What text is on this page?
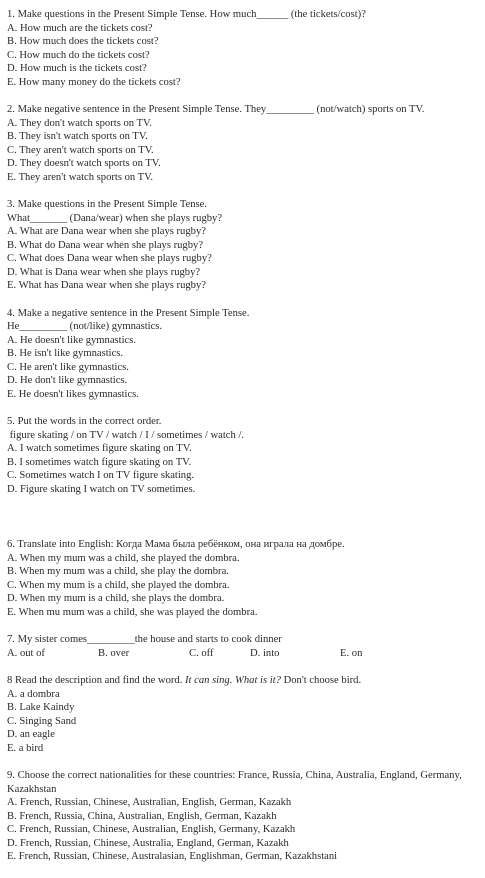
1. Make questions in the Present Simple Tense. How much______ (the tickets/cost)?
A. How much are the tickets cost?
B. How much does the tickets cost?
C. How much do the tickets cost?
D. How much is the tickets cost?
E. How many money do the tickets cost?
2. Make negative sentence in the Present Simple Tense. They_________ (not/watch) sports on TV.
A. They don't watch sports on TV.
B. They isn't watch sports on TV.
C. They aren't watch sports on TV.
D. They doesn't watch sports on TV.
E. They aren't watch sports on TV.
3. Make questions in the Present Simple Tense.
What_______ (Dana/wear) when she plays rugby?
A. What are Dana wear when she plays rugby?
B. What do Dana wear when she plays rugby?
C. What does Dana wear when she plays rugby?
D. What is Dana wear when she plays rugby?
E. What has Dana wear when she plays rugby?
4. Make a negative sentence in the Present Simple Tense.
He_________ (not/like) gymnastics.
A. He doesn't like gymnastics.
B. He isn't like gymnastics.
C. He aren't like gymnastics.
D. He don't like gymnastics.
E. He doesn't likes gymnastics.
5. Put the words in the correct order.
figure skating / on TV / watch / I / sometimes / watch /.
A. I watch sometimes figure skating on TV.
B. I sometimes watch figure skating on TV.
C. Sometimes watch I on TV figure skating.
D. Figure skating I watch on TV sometimes.
6. Translate into English: Когда Мама была ребёнком, она играла на домбре.
A. When my mum was a child, she played the dombra.
B. When my mum was a child, she play the dombra.
C. When my mum is a child, she played the dombra.
D. When my mum is a child, she plays the dombra.
E. When mu mum was a child, she was played the dombra.
7. My sister comes_________the house and starts to cook dinner
A. out of	B. over	C. off	D. into	E. on
8 Read the description and find the word. It can sing. What is it? Don't choose bird.
A. a dombra
B. Lake Kaindy
C. Singing Sand
D. an eagle
E. a bird
9. Choose the correct nationalities for these countries: France, Russia, China, Australia, England, Germany,
Kazakhstan
A. French, Russian, Chinese, Australian, English, German, Kazakh
B. French, Russia, China, Australian, English, German, Kazakh
C. French, Russian, Chinese, Australian, English, Germany, Kazakh
D. French, Russian, Chinese, Australia, England, German, Kazakh
E. French, Russian, Chinese, Australasian, Englishman, German, Kazakhstani
